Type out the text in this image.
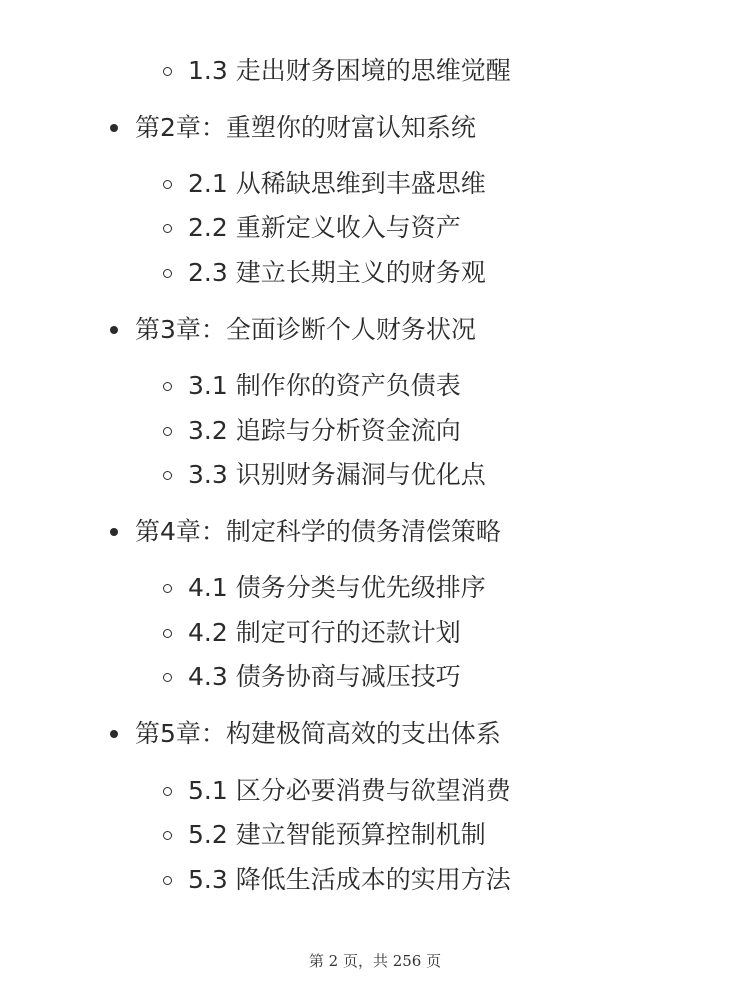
1.3 走出财务困境的思维觉醒
第2章：重塑你的财富认知系统
2.1 从稀缺思维到丰盛思维
2.2 重新定义收入与资产
2.3 建立长期主义的财务观
第3章：全面诊断个人财务状况
3.1 制作你的资产负债表
3.2 追踪与分析资金流向
3.3 识别财务漏洞与优化点
第4章：制定科学的债务清偿策略
4.1 债务分类与优先级排序
4.2 制定可行的还款计划
4.3 债务协商与减压技巧
第5章：构建极简高效的支出体系
5.1 区分必要消费与欲望消费
5.2 建立智能预算控制机制
5.3 降低生活成本的实用方法
第 2 页，共 256 页
